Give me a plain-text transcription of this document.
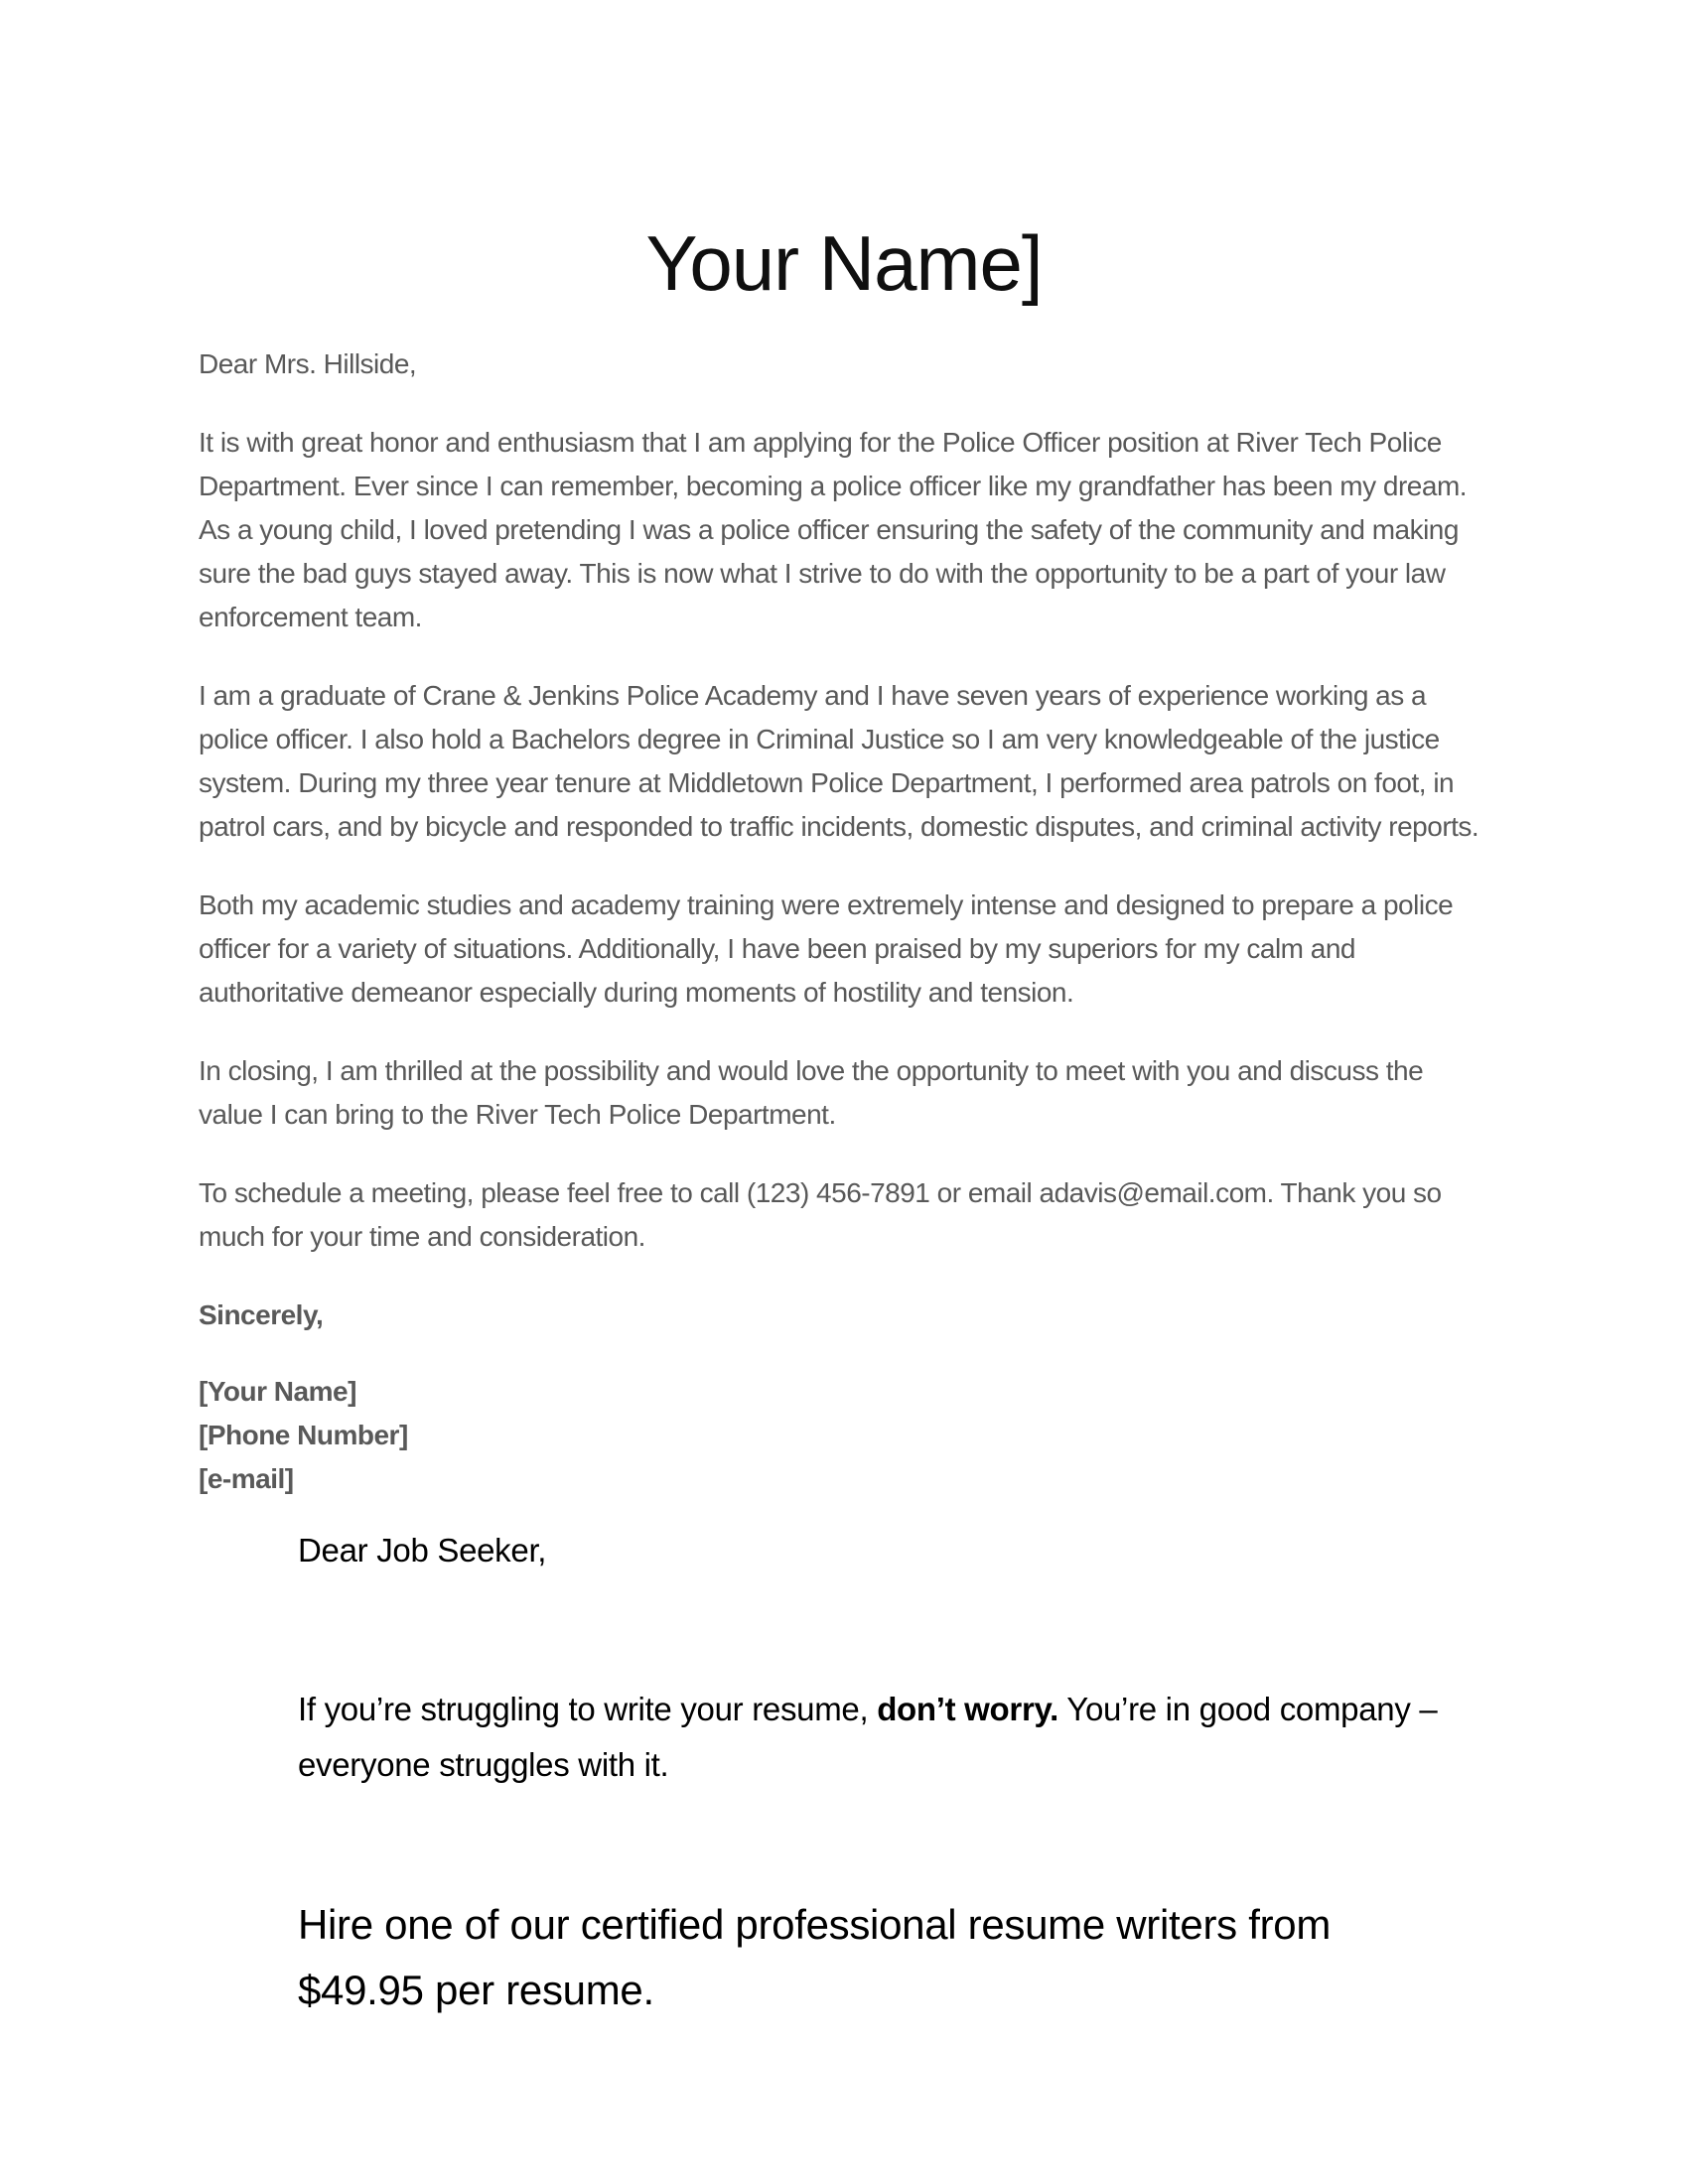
Your Name]

Dear Mrs. Hillside,

It is with great honor and enthusiasm that I am applying for the Police Officer position at River Tech Police Department. Ever since I can remember, becoming a police officer like my grandfather has been my dream. As a young child, I loved pretending I was a police officer ensuring the safety of the community and making sure the bad guys stayed away. This is now what I strive to do with the opportunity to be a part of your law enforcement team.

I am a graduate of Crane & Jenkins Police Academy and I have seven years of experience working as a police officer. I also hold a Bachelors degree in Criminal Justice so I am very knowledgeable of the justice system. During my three year tenure at Middletown Police Department, I performed area patrols on foot, in patrol cars, and by bicycle and responded to traffic incidents, domestic disputes, and criminal activity reports.

Both my academic studies and academy training were extremely intense and designed to prepare a police officer for a variety of situations. Additionally, I have been praised by my superiors for my calm and authoritative demeanor especially during moments of hostility and tension.

In closing, I am thrilled at the possibility and would love the opportunity to meet with you and discuss the value I can bring to the River Tech Police Department.

To schedule a meeting, please feel free to call (123) 456-7891 or email adavis@email.com. Thank you so much for your time and consideration.

Sincerely,

[Your Name]

[Phone Number]

[e-mail]

Dear Job Seeker,

If you’re struggling to write your resume, don’t worry. You’re in good company – everyone struggles with it.

Hire one of our certified professional resume writers from $49.95 per resume.
